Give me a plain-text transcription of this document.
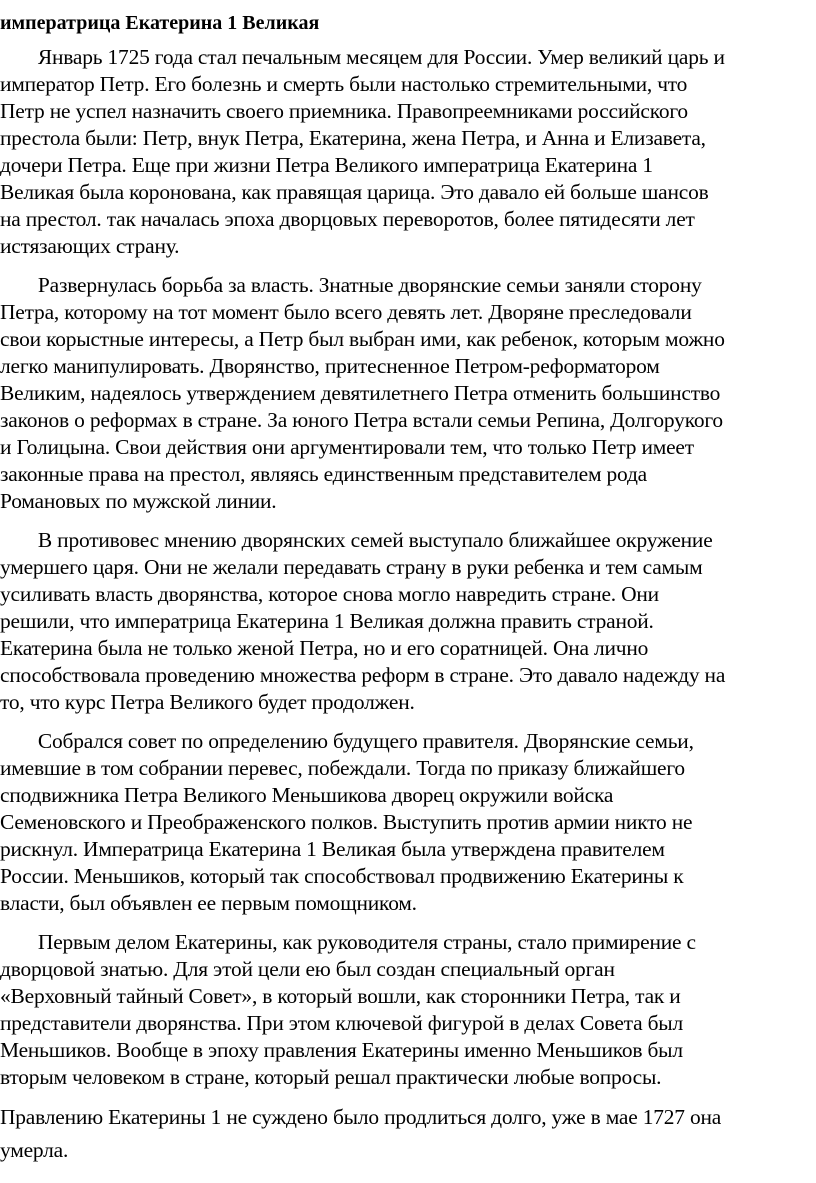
императрица Екатерина 1 Великая
Январь 1725 года стал печальным месяцем для России. Умер великий царь и
император Петр. Его болезнь и смерть были настолько стремительными, что
Петр не успел назначить своего приемника. Правопреемниками российского
престола были: Петр, внук Петра, Екатерина, жена Петра, и Анна и Елизавета,
дочери Петра. Еще при жизни Петра Великого императрица Екатерина 1
Великая была коронована, как правящая царица. Это давало ей больше шансов
на престол. так началась эпоха дворцовых переворотов, более пятидесяти лет
истязающих страну.
Развернулась борьба за власть. Знатные дворянские семьи заняли сторону
Петра, которому на тот момент было всего девять лет. Дворяне преследовали
свои корыстные интересы, а Петр был выбран ими, как ребенок, которым можно
легко манипулировать. Дворянство, притесненное Петром-реформатором
Великим, надеялось утверждением девятилетнего Петра отменить большинство
законов о реформах в стране. За юного Петра встали семьи Репина, Долгорукого
и Голицына. Свои действия они аргументировали тем, что только Петр имеет
законные права на престол, являясь единственным представителем рода
Романовых по мужской линии.
В противовес мнению дворянских семей выступало ближайшее окружение
умершего царя. Они не желали передавать страну в руки ребенка и тем самым
усиливать власть дворянства, которое снова могло навредить стране. Они
решили, что императрица Екатерина 1 Великая должна править страной.
Екатерина была не только женой Петра, но и его соратницей. Она лично
способствовала проведению множества реформ в стране. Это давало надежду на
то, что курс Петра Великого будет продолжен.
Собрался совет по определению будущего правителя. Дворянские семьи,
имевшие в том собрании перевес, побеждали. Тогда по приказу ближайшего
сподвижника Петра Великого Меньшикова дворец окружили войска
Семеновского и Преображенского полков. Выступить против армии никто не
рискнул. Императрица Екатерина 1 Великая была утверждена правителем
России. Меньшиков, который так способствовал продвижению Екатерины к
власти, был объявлен ее первым помощником.
Первым делом Екатерины, как руководителя страны, стало примирение с
дворцовой знатью. Для этой цели ею был создан специальный орган
«Верховный тайный Совет», в который вошли, как сторонники Петра, так и
представители дворянства. При этом ключевой фигурой в делах Совета был
Меньшиков. Вообще в эпоху правления Екатерины именно Меньшиков был
вторым человеком в стране, который решал практически любые вопросы.
Правлению Екатерины 1 не суждено было продлиться долго, уже в мае 1727 она
умерла.
